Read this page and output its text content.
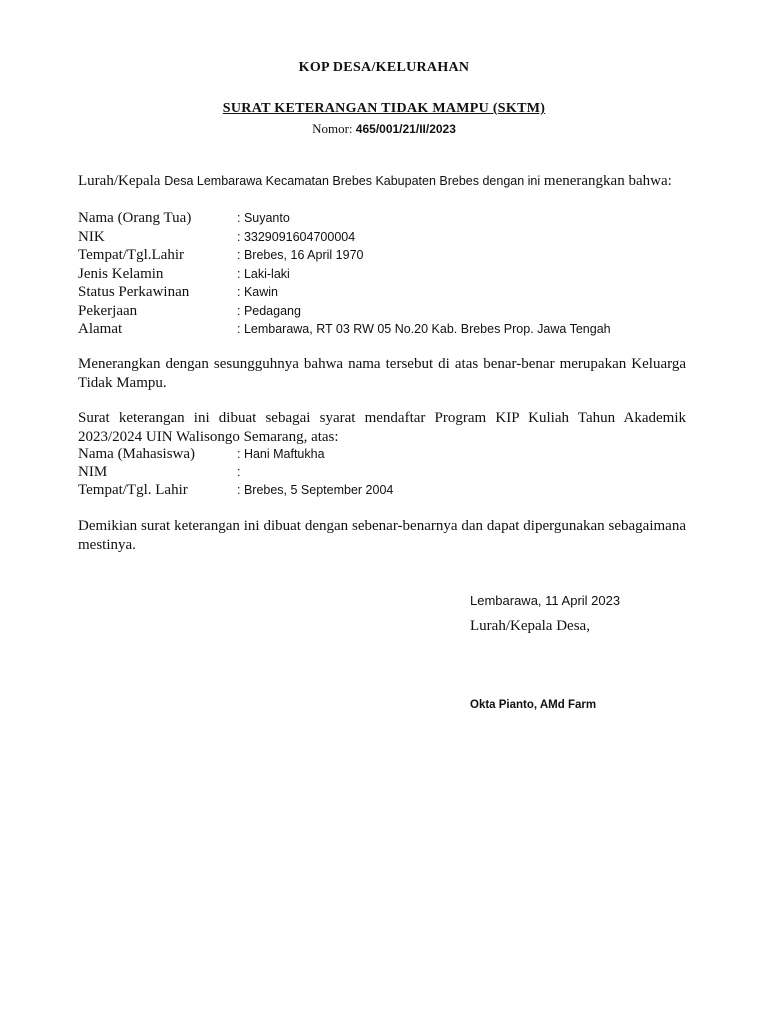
KOP DESA/KELURAHAN
SURAT KETERANGAN TIDAK MAMPU (SKTM)
Nomor: 465/001/21/II/2023
Lurah/Kepala Desa Lembarawa Kecamatan Brebes Kabupaten Brebes dengan ini menerangkan bahwa:
Nama (Orang Tua)	: Suyanto
NIK	: 3329091604700004
Tempat/Tgl.Lahir	: Brebes, 16 April 1970
Jenis Kelamin	: Laki-laki
Status Perkawinan	: Kawin
Pekerjaan	: Pedagang
Alamat	: Lembarawa, RT 03 RW 05 No.20 Kab. Brebes Prop. Jawa Tengah
Menerangkan dengan sesungguhnya bahwa nama tersebut di atas benar-benar merupakan Keluarga Tidak Mampu.
Surat keterangan ini dibuat sebagai syarat mendaftar Program KIP Kuliah Tahun Akademik 2023/2024 UIN Walisongo Semarang, atas:
Nama (Mahasiswa)	: Hani Maftukha
NIM	:
Tempat/Tgl. Lahir	: Brebes, 5 September 2004
Demikian surat keterangan ini dibuat dengan sebenar-benarnya dan dapat dipergunakan sebagaimana mestinya.
Lembarawa, 11 April 2023
Lurah/Kepala Desa,
Okta Pianto, AMd Farm
